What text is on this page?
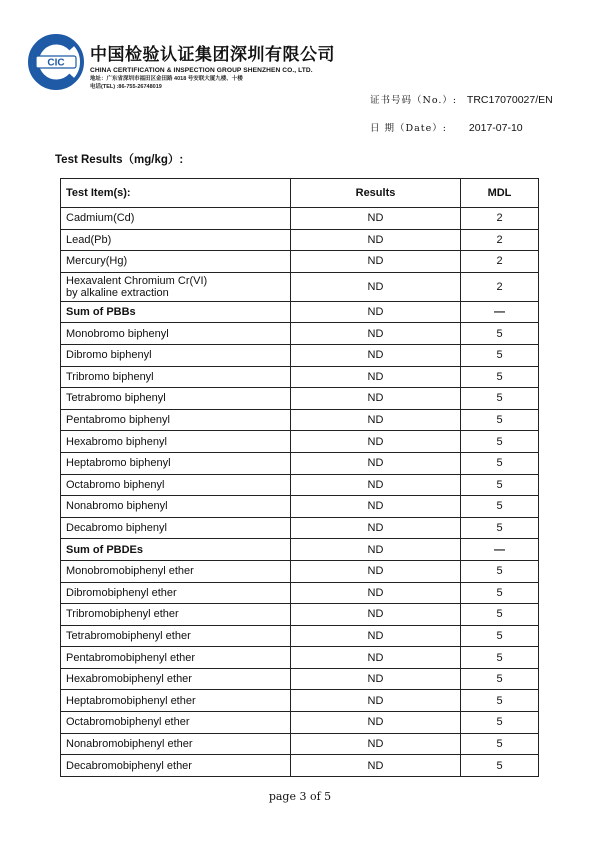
CIC 中国检验认证集团深圳有限公司
CHINA CERTIFICATION & INSPECTION GROUP SHENZHEN CO., LTD.
地址：广东省深圳市福田区金田路 4018 号安联大厦九楼、十楼
电话(TEL) :86-755-26748019
证书号码（No.）: TRC17070027/EN
日 期（Date）: 2017-07-10
Test Results（mg/kg）:
Test Item(s):	Results	MDL
Cadmium(Cd)	ND	2
Lead(Pb)	ND	2
Mercury(Hg)	ND	2
Hexavalent Chromium Cr(VI)
by alkaline extraction	ND	2
Sum of PBBs	ND	—
Monobromo biphenyl	ND	5
Dibromo biphenyl	ND	5
Tribromo biphenyl	ND	5
Tetrabromo biphenyl	ND	5
Pentabromo biphenyl	ND	5
Hexabromo biphenyl	ND	5
Heptabromo biphenyl	ND	5
Octabromo biphenyl	ND	5
Nonabromo biphenyl	ND	5
Decabromo biphenyl	ND	5
Sum of PBDEs	ND	—
Monobromobiphenyl ether	ND	5
Dibromobiphenyl ether	ND	5
Tribromobiphenyl ether	ND	5
Tetrabromobiphenyl ether	ND	5
Pentabromobiphenyl ether	ND	5
Hexabromobiphenyl ether	ND	5
Heptabromobiphenyl ether	ND	5
Octabromobiphenyl ether	ND	5
Nonabromobiphenyl ether	ND	5
Decabromobiphenyl ether	ND	5
page 3 of 5
